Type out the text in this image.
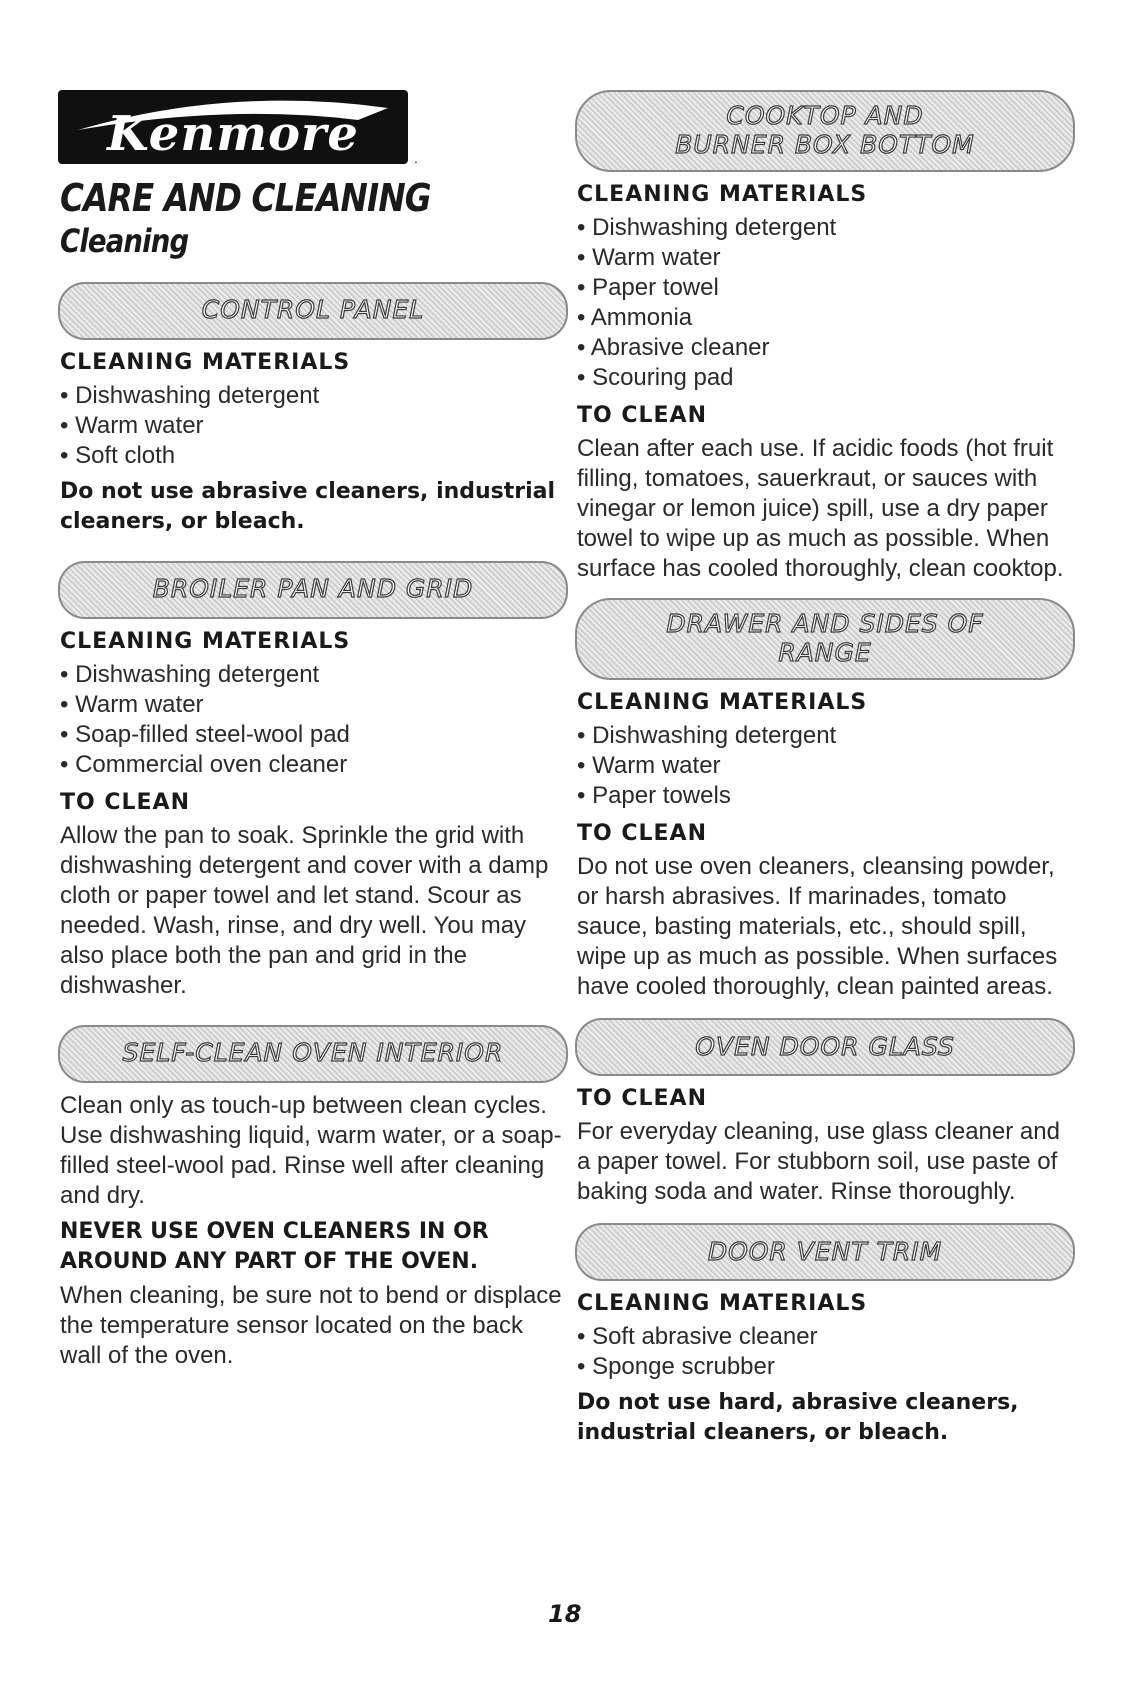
Kenmore	.
CARE AND CLEANING
Cleaning
CONTROL PANEL
CLEANING MATERIALS
• Dishwashing detergent
• Warm water
• Soft cloth
Do not use abrasive cleaners, industrial cleaners, or bleach.
BROILER PAN AND GRID
CLEANING MATERIALS
• Dishwashing detergent
• Warm water
• Soap-filled steel-wool pad
• Commercial oven cleaner
TO CLEAN
Allow the pan to soak. Sprinkle the grid with dishwashing detergent and cover with a damp cloth or paper towel and let stand. Scour as needed. Wash, rinse, and dry well. You may also place both the pan and grid in the dishwasher.
SELF-CLEAN OVEN INTERIOR
Clean only as touch-up between clean cycles. Use dishwashing liquid, warm water, or a soap-filled steel-wool pad. Rinse well after cleaning and dry.
NEVER USE OVEN CLEANERS IN OR AROUND ANY PART OF THE OVEN.
When cleaning, be sure not to bend or displace the temperature sensor located on the back wall of the oven.
COOKTOP AND
BURNER BOX BOTTOM
CLEANING MATERIALS
• Dishwashing detergent
• Warm water
• Paper towel
• Ammonia
• Abrasive cleaner
• Scouring pad
TO CLEAN
Clean after each use. If acidic foods (hot fruit filling, tomatoes, sauerkraut, or sauces with vinegar or lemon juice) spill, use a dry paper towel to wipe up as much as possible. When surface has cooled thoroughly, clean cooktop.
DRAWER AND SIDES OF
RANGE
CLEANING MATERIALS
• Dishwashing detergent
• Warm water
• Paper towels
TO CLEAN
Do not use oven cleaners, cleansing powder, or harsh abrasives. If marinades, tomato sauce, basting materials, etc., should spill, wipe up as much as possible. When surfaces have cooled thoroughly, clean painted areas.
OVEN DOOR GLASS
TO CLEAN
For everyday cleaning, use glass cleaner and a paper towel. For stubborn soil, use paste of baking soda and water. Rinse thoroughly.
DOOR VENT TRIM
CLEANING MATERIALS
• Soft abrasive cleaner
• Sponge scrubber
Do not use hard, abrasive cleaners, industrial cleaners, or bleach.
18
